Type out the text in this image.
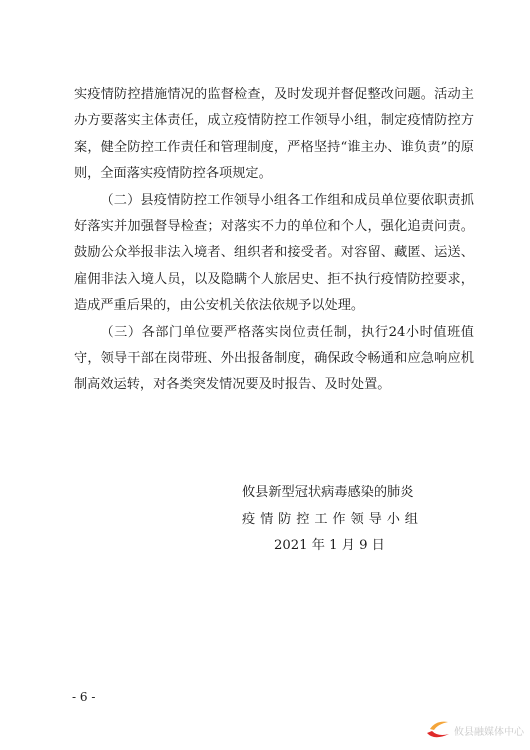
实疫情防控措施情况的监督检查，及时发现并督促整改问题。活动主办方要落实主体责任，成立疫情防控工作领导小组，制定疫情防控方案，健全防控工作责任和管理制度，严格坚持“谁主办、谁负责”的原则，全面落实疫情防控各项规定。

（二）县疫情防控工作领导小组各工作组和成员单位要依职责抓好落实并加强督导检查；对落实不力的单位和个人，强化追责问责。鼓励公众举报非法入境者、组织者和接受者。对容留、藏匿、运送、雇佣非法入境人员，以及隐瞒个人旅居史、拒不执行疫情防控要求，造成严重后果的，由公安机关依法依规予以处理。

（三）各部门单位要严格落实岗位责任制，执行24小时值班值守，领导干部在岗带班、外出报备制度，确保政令畅通和应急响应机制高效运转，对各类突发情况要及时报告、及时处置。

攸县新型冠状病毒感染的肺炎
疫情防控工作领导小组
2021 年 1 月 9 日
- 6 -
攸县融媒体中心
